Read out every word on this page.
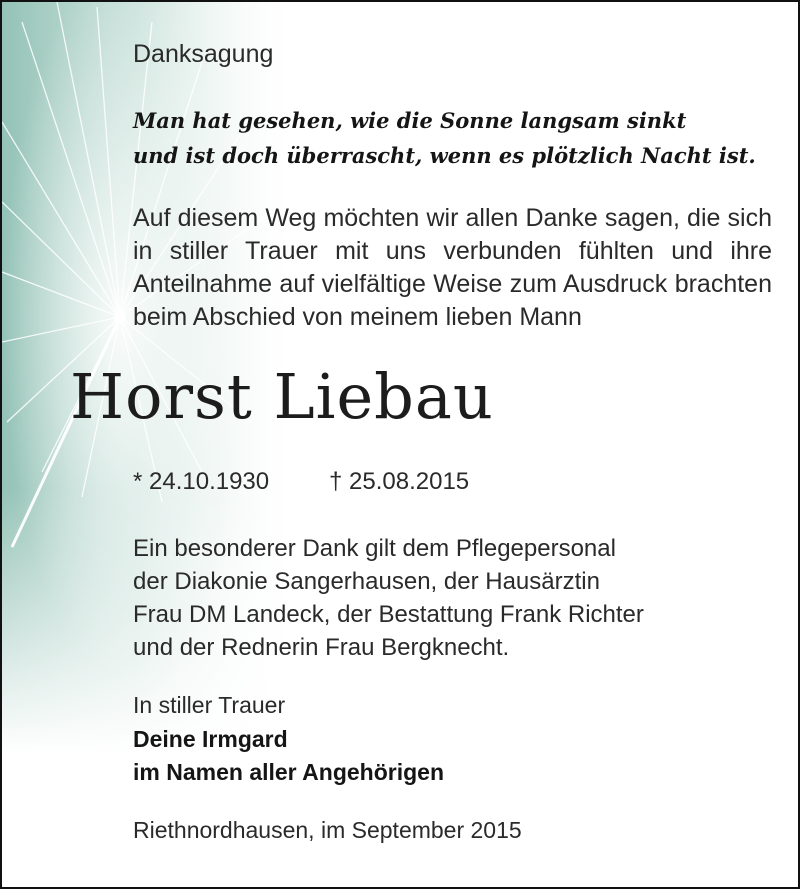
Danksagung

Man hat gesehen, wie die Sonne langsam sinkt

und ist doch überrascht, wenn es plötzlich Nacht ist.

Auf diesem Weg möchten wir allen Danke sagen, die sich in stiller Trauer mit uns verbunden fühlten und ihre Anteilnahme auf vielfältige Weise zum Ausdruck brachten beim Abschied von meinem lieben Mann

* 24.10.1930 † 25.08.2015

Ein besonderer Dank gilt dem Pflegepersonal
der Diakonie Sangerhausen, der Hausärztin
Frau DM Landeck, der Bestattung Frank Richter
und der Rednerin Frau Bergknecht.

In stiller Trauer

Deine Irmgard

im Namen aller Angehörigen

Riethnordhausen, im September 2015

Horst Liebau
